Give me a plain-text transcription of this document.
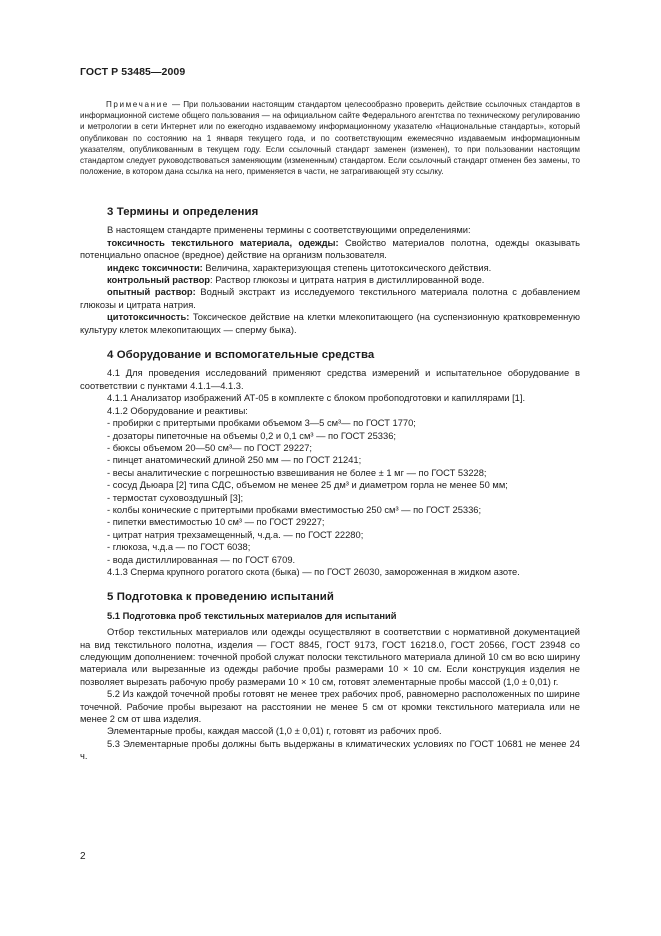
ГОСТ Р 53485—2009

Примечание — При пользовании настоящим стандартом целесообразно проверить действие ссылочных стандартов в информационной системе общего пользования — на официальном сайте Федерального агентства по техническому регулированию и метрологии в сети Интернет или по ежегодно издаваемому информационному указателю «Национальные стандарты», который опубликован по состоянию на 1 января текущего года, и по соответствующим ежемесячно издаваемым информационным указателям, опубликованным в текущем году. Если ссылочный стандарт заменен (изменен), то при пользовании настоящим стандартом следует руководствоваться заменяющим (измененным) стандартом. Если ссылочный стандарт отменен без замены, то положение, в котором дана ссылка на него, применяется в части, не затрагивающей эту ссылку.

3 Термины и определения

В настоящем стандарте применены термины с соответствующими определениями:

токсичность текстильного материала, одежды: Свойство материалов полотна, одежды оказывать потенциально опасное (вредное) действие на организм пользователя.

индекс токсичности: Величина, характеризующая степень цитотоксического действия.

контрольный раствор: Раствор глюкозы и цитрата натрия в дистиллированной воде.

опытный раствор: Водный экстракт из исследуемого текстильного материала полотна с добавлением глюкозы и цитрата натрия.

цитотоксичность: Токсическое действие на клетки млекопитающего (на суспензионную кратковременную культуру клеток млекопитающих — сперму быка).

4 Оборудование и вспомогательные средства

4.1 Для проведения исследований применяют средства измерений и испытательное оборудование в соответствии с пунктами 4.1.1—4.1.3.

4.1.1 Анализатор изображений АТ-05 в комплекте с блоком пробоподготовки и капиллярами [1].

4.1.2 Оборудование и реактивы:

- пробирки с притертыми пробками объемом 3—5 см³— по ГОСТ 1770;

- дозаторы пипеточные на объемы 0,2 и 0,1 см³ — по ГОСТ 25336;

- бюксы объемом 20—50 см³— по ГОСТ 29227;

- пинцет анатомический длиной 250 мм — по ГОСТ 21241;

- весы аналитические с погрешностью взвешивания не более ± 1 мг — по ГОСТ 53228;

- сосуд Дьюара [2] типа СДС, объемом не менее 25 дм³ и диаметром горла не менее 50 мм;

- термостат суховоздушный [3];

- колбы конические с притертыми пробками вместимостью 250 см³ — по ГОСТ 25336;

- пипетки вместимостью 10 см³ — по ГОСТ 29227;

- цитрат натрия трехзамещенный, ч.д.а. — по ГОСТ 22280;

- глюкоза, ч.д.а — по ГОСТ 6038;

- вода дистиллированная — по ГОСТ 6709.

4.1.3 Сперма крупного рогатого скота (быка) — по ГОСТ 26030, замороженная в жидком азоте.

5 Подготовка к проведению испытаний
5.1 Подготовка проб текстильных материалов для испытаний

Отбор текстильных материалов или одежды осуществляют в соответствии с нормативной документацией на вид текстильного полотна, изделия — ГОСТ 8845, ГОСТ 9173, ГОСТ 16218.0, ГОСТ 20566, ГОСТ 23948 со следующим дополнением: точечной пробой служат полоски текстильного материала длиной 10 см во всю ширину материала или вырезанные из одежды рабочие пробы размерами 10 × 10 см. Если конструкция изделия не позволяет вырезать рабочую пробу размерами 10 × 10 см, готовят элементарные пробы массой (1,0 ± 0,01) г.

5.2 Из каждой точечной пробы готовят не менее трех рабочих проб, равномерно расположенных по ширине точечной. Рабочие пробы вырезают на расстоянии не менее 5 см от кромки текстильного материала или не менее 2 см от шва изделия.

Элементарные пробы, каждая массой (1,0 ± 0,01) г, готовят из рабочих проб.

5.3 Элементарные пробы должны быть выдержаны в климатических условиях по ГОСТ 10681 не менее 24 ч.

2
